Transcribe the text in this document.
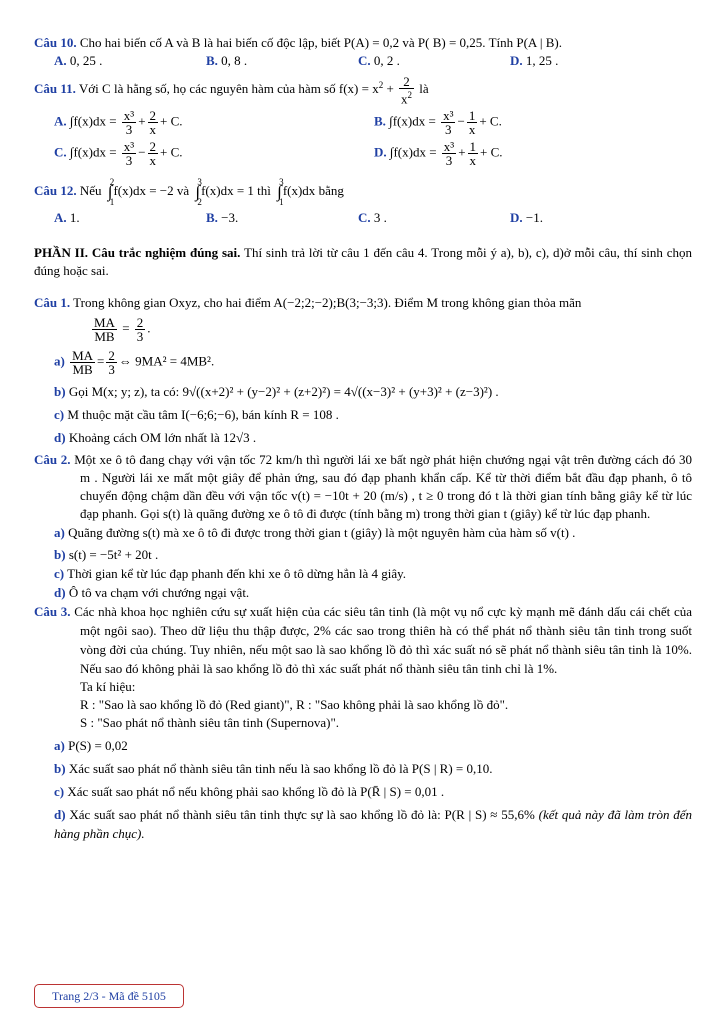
Câu 10. Cho hai biến cố A và B là hai biến cố độc lập, biết P(A) = 0,2 và P( B) = 0,25. Tính P(A | B).
A. 0, 25 .	B. 0, 8 .	C. 0, 2 .	D. 1, 25 .
Câu 11. Với C là hằng số, họ các nguyên hàm của hàm số $f(x) = x^2 + \frac{2}{x^2}$ là
A. $\int f(x)dx = \frac{\text{x³}}{3} + \frac{2}{x} + C$.	B. $\int f(x)dx = \frac{\text{x³}}{3} - \frac{1}{x} + C$.
C. $\int f(x)dx = \frac{\text{x³}}{3} - \frac{2}{x} + C$.	D. $\int f(x)dx = \frac{\text{x³}}{3} + \frac{1}{x} + C$.
Câu 12. Nếu ∫
2
1
f(x)dx = −2 và ∫
3
2
f(x)dx = 1 thì ∫
3
1
f(x)dx bằng
A. 1.	B. −3.	C. 3 .	D. −1.
PHẦN II. Câu trắc nghiệm đúng sai. Thí sinh trả lời từ câu 1 đến câu 4. Trong mỗi ý a), b), c), d)ở mỗi câu, thí sinh chọn đúng hoặc sai.
Câu 1. Trong không gian Oxyz, cho hai điểm A(−2;2;−2);B(3;−3;3). Điểm M trong không gian thỏa mãn
$\frac{MA}{MB} = \frac{2}{3}$ .
$a) \frac{MA}{MB} = \frac{2}{3}$ ⇔ 9MA² = 4MB².
b) Gọi M(x; y; z), ta có: 9√((x+2)² + (y−2)² + (z+2)²) = 4√((x−3)² + (y+3)² + (z−3)²) .
c) M thuộc mặt cầu tâm I(−6;6;−6), bán kính R = 108 .
d) Khoảng cách OM lớn nhất là 12√3 .
Câu 2. Một xe ô tô đang chạy với vận tốc 72 km/h thì người lái xe bất ngờ phát hiện chướng ngại vật trên đường cách đó 30 m . Người lái xe mất một giây để phản ứng, sau đó đạp phanh khẩn cấp. Kể từ thời điểm bắt đầu đạp phanh, ô tô chuyển động chậm dần đều với vận tốc v(t) = −10t + 20 (m/s) , t ≥ 0 trong đó t là thời gian tính bằng giây kể từ lúc đạp phanh. Gọi s(t) là quãng đường xe ô tô đi được (tính bằng m) trong thời gian t (giây) kể từ lúc đạp phanh.
a) Quãng đường s(t) mà xe ô tô đi được trong thời gian t (giây) là một nguyên hàm của hàm số v(t) .
b) s(t) = −5t² + 20t .
c) Thời gian kể từ lúc đạp phanh đến khi xe ô tô dừng hẳn là 4 giây.
d) Ô tô va chạm với chướng ngại vật.
Câu 3. Các nhà khoa học nghiên cứu sự xuất hiện của các siêu tân tinh (là một vụ nổ cực kỳ mạnh mẽ đánh dấu cái chết của một ngôi sao). Theo dữ liệu thu thập được, 2% các sao trong thiên hà có thể phát nổ thành siêu tân tinh trong suốt vòng đời của chúng. Tuy nhiên, nếu một sao là sao khổng lồ đỏ thì xác suất nó sẽ phát nổ thành siêu tân tinh là 10%. Nếu sao đó không phải là sao khổng lồ đỏ thì xác suất phát nổ thành siêu tân tinh chỉ là 1%.
Ta kí hiệu:
R : "Sao là sao khổng lồ đỏ (Red giant)", R : "Sao không phải là sao khổng lồ đỏ".
S : "Sao phát nổ thành siêu tân tinh (Supernova)".
a) P(S) = 0,02
b) Xác suất sao phát nổ thành siêu tân tinh nếu là sao khổng lồ đỏ là P(S | R) = 0,10.
c) Xác suất sao phát nổ nếu không phải sao khổng lồ đỏ là P(R̄ | S) = 0,01 .
d) Xác suất sao phát nổ thành siêu tân tinh thực sự là sao khổng lồ đỏ là: P(R | S) ≈ 55,6% (kết quả này đã làm tròn đến hàng phần chục).
Trang 2/3 - Mã đề 5105
